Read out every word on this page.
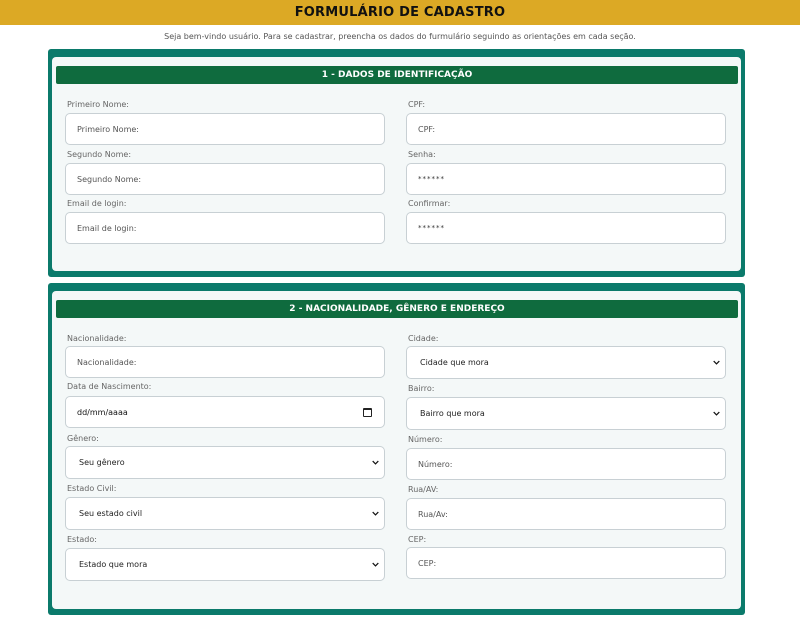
FORMULÁRIO DE CADASTRO
Seja bem-vindo usuário. Para se cadastrar, preencha os dados do furmulário seguindo as orientações em cada seção.
1 - DADOS DE IDENTIFICAÇÃO
Primeiro Nome:
Primeiro Nome:
Segundo Nome:
Segundo Nome:
Email de login:
Email de login:
CPF:
CPF:
Senha:
******
Confirmar:
******
2 - NACIONALIDADE, GÊNERO E ENDEREÇO
Nacionalidade:
Nacionalidade:
Data de Nascimento:
dd/mm/aaaa
Gênero:
Seu gênero
Estado Civil:
Seu estado civil
Estado:
Estado que mora
Cidade:
Cidade que mora
Bairro:
Bairro que mora
Número:
Número:
Rua/AV:
Rua/Av:
CEP:
CEP:
